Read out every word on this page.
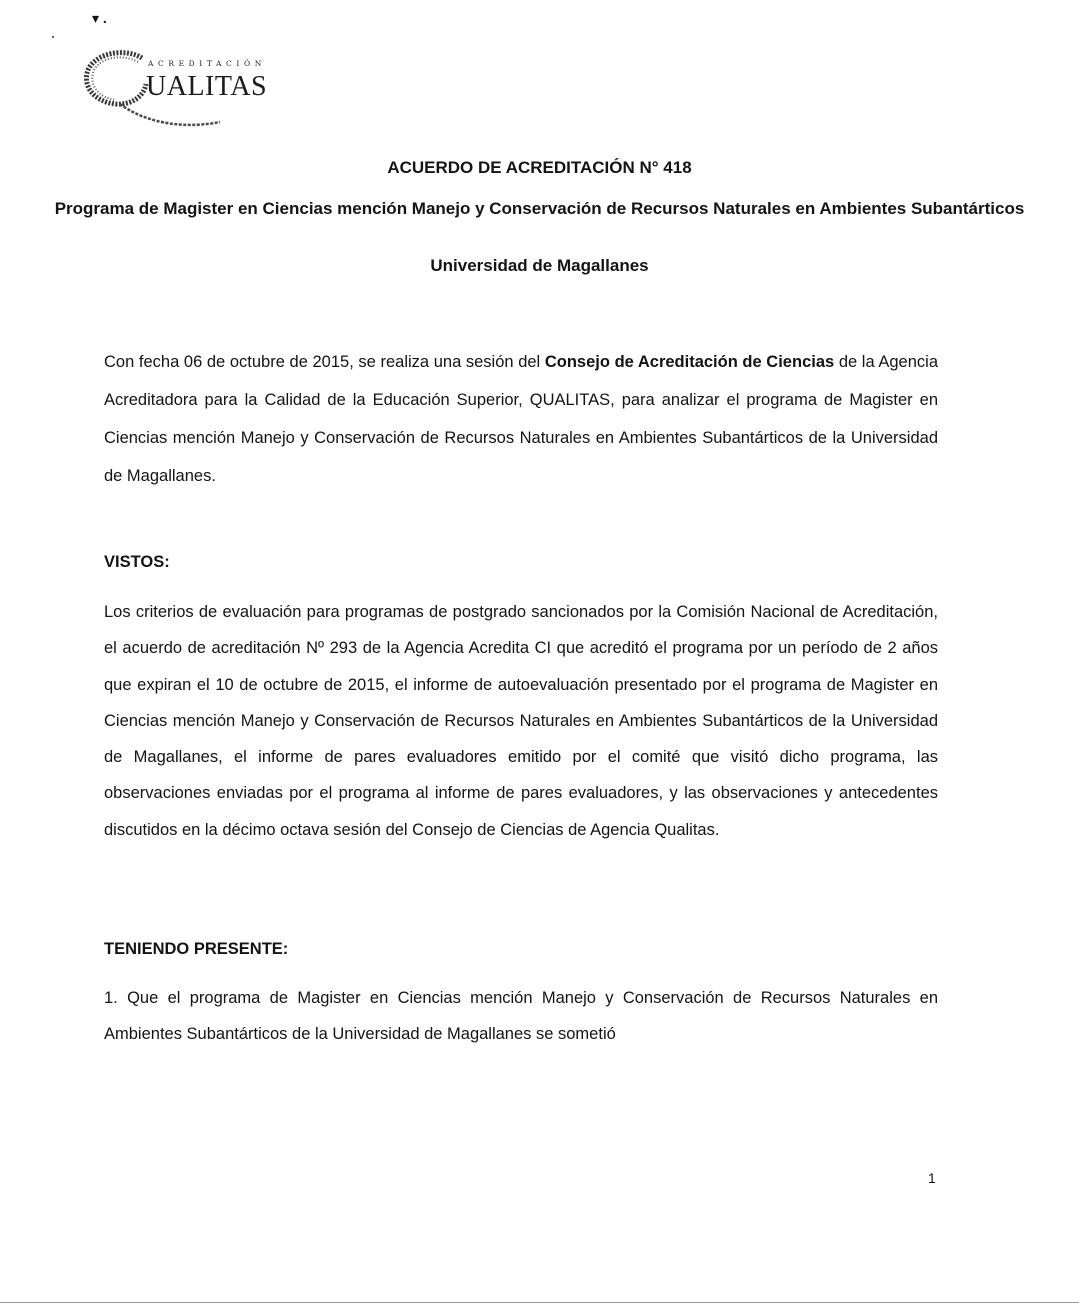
▾ .
ACREDITACIÓN
UALITAS
ACUERDO DE ACREDITACIÓN N° 418
Programa de Magister en Ciencias mención Manejo y Conservación de Recursos Naturales en Ambientes Subantárticos
Universidad de Magallanes

Con fecha 06 de octubre de 2015, se realiza una sesión del Consejo de Acreditación de Ciencias de la Agencia Acreditadora para la Calidad de la Educación Superior, QUALITAS, para analizar el programa de Magister en Ciencias mención Manejo y Conservación de Recursos Naturales en Ambientes Subantárticos de la Universidad de Magallanes.

VISTOS:

Los criterios de evaluación para programas de postgrado sancionados por la Comisión Nacional de Acreditación, el acuerdo de acreditación Nº 293 de la Agencia Acredita CI que acreditó el programa por un período de 2 años que expiran el 10 de octubre de 2015, el informe de autoevaluación presentado por el programa de Magister en Ciencias mención Manejo y Conservación de Recursos Naturales en Ambientes Subantárticos de la Universidad de Magallanes, el informe de pares evaluadores emitido por el comité que visitó dicho programa, las observaciones enviadas por el programa al informe de pares evaluadores, y las observaciones y antecedentes discutidos en la décimo octava sesión del Consejo de Ciencias de Agencia Qualitas.

TENIENDO PRESENTE:

1. Que el programa de Magister en Ciencias mención Manejo y Conservación de Recursos Naturales en Ambientes Subantárticos de la Universidad de Magallanes se sometió

1
